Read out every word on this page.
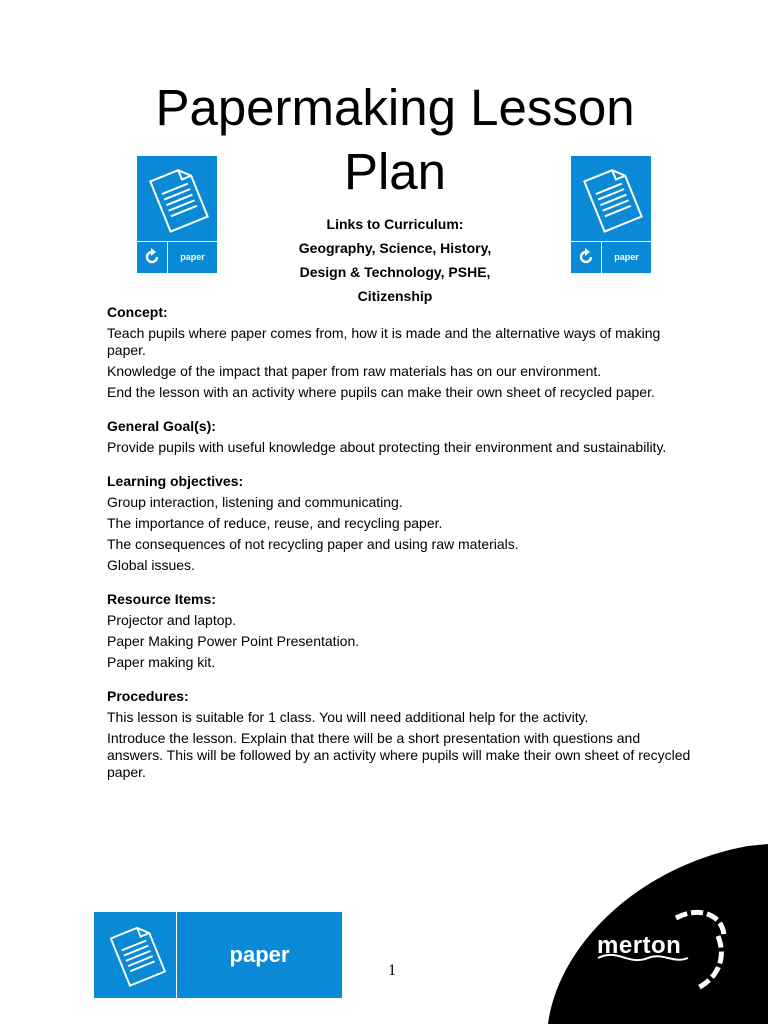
Papermaking Lesson Plan
paper	paper
Links to Curriculum:
Geography, Science, History,
Design & Technology, PSHE,
Citizenship
Concept:
Teach pupils where paper comes from, how it is made and the alternative ways of making paper.
Knowledge of the impact that paper from raw materials has on our environment.
End the lesson with an activity where pupils can make their own sheet of recycled paper.
General Goal(s):
Provide pupils with useful knowledge about protecting their environment and sustainability.
Learning objectives:
Group interaction, listening and communicating.
The importance of reduce, reuse, and recycling paper.
The consequences of not recycling paper and using raw materials.
Global issues.
Resource Items:
Projector and laptop.
Paper Making Power Point Presentation.
Paper making kit.
Procedures:
This lesson is suitable for 1 class. You will need additional help for the activity.
Introduce the lesson. Explain that there will be a short presentation with questions and answers. This will be followed by an activity where pupils will make their own sheet of recycled paper.
paper
1
merton
